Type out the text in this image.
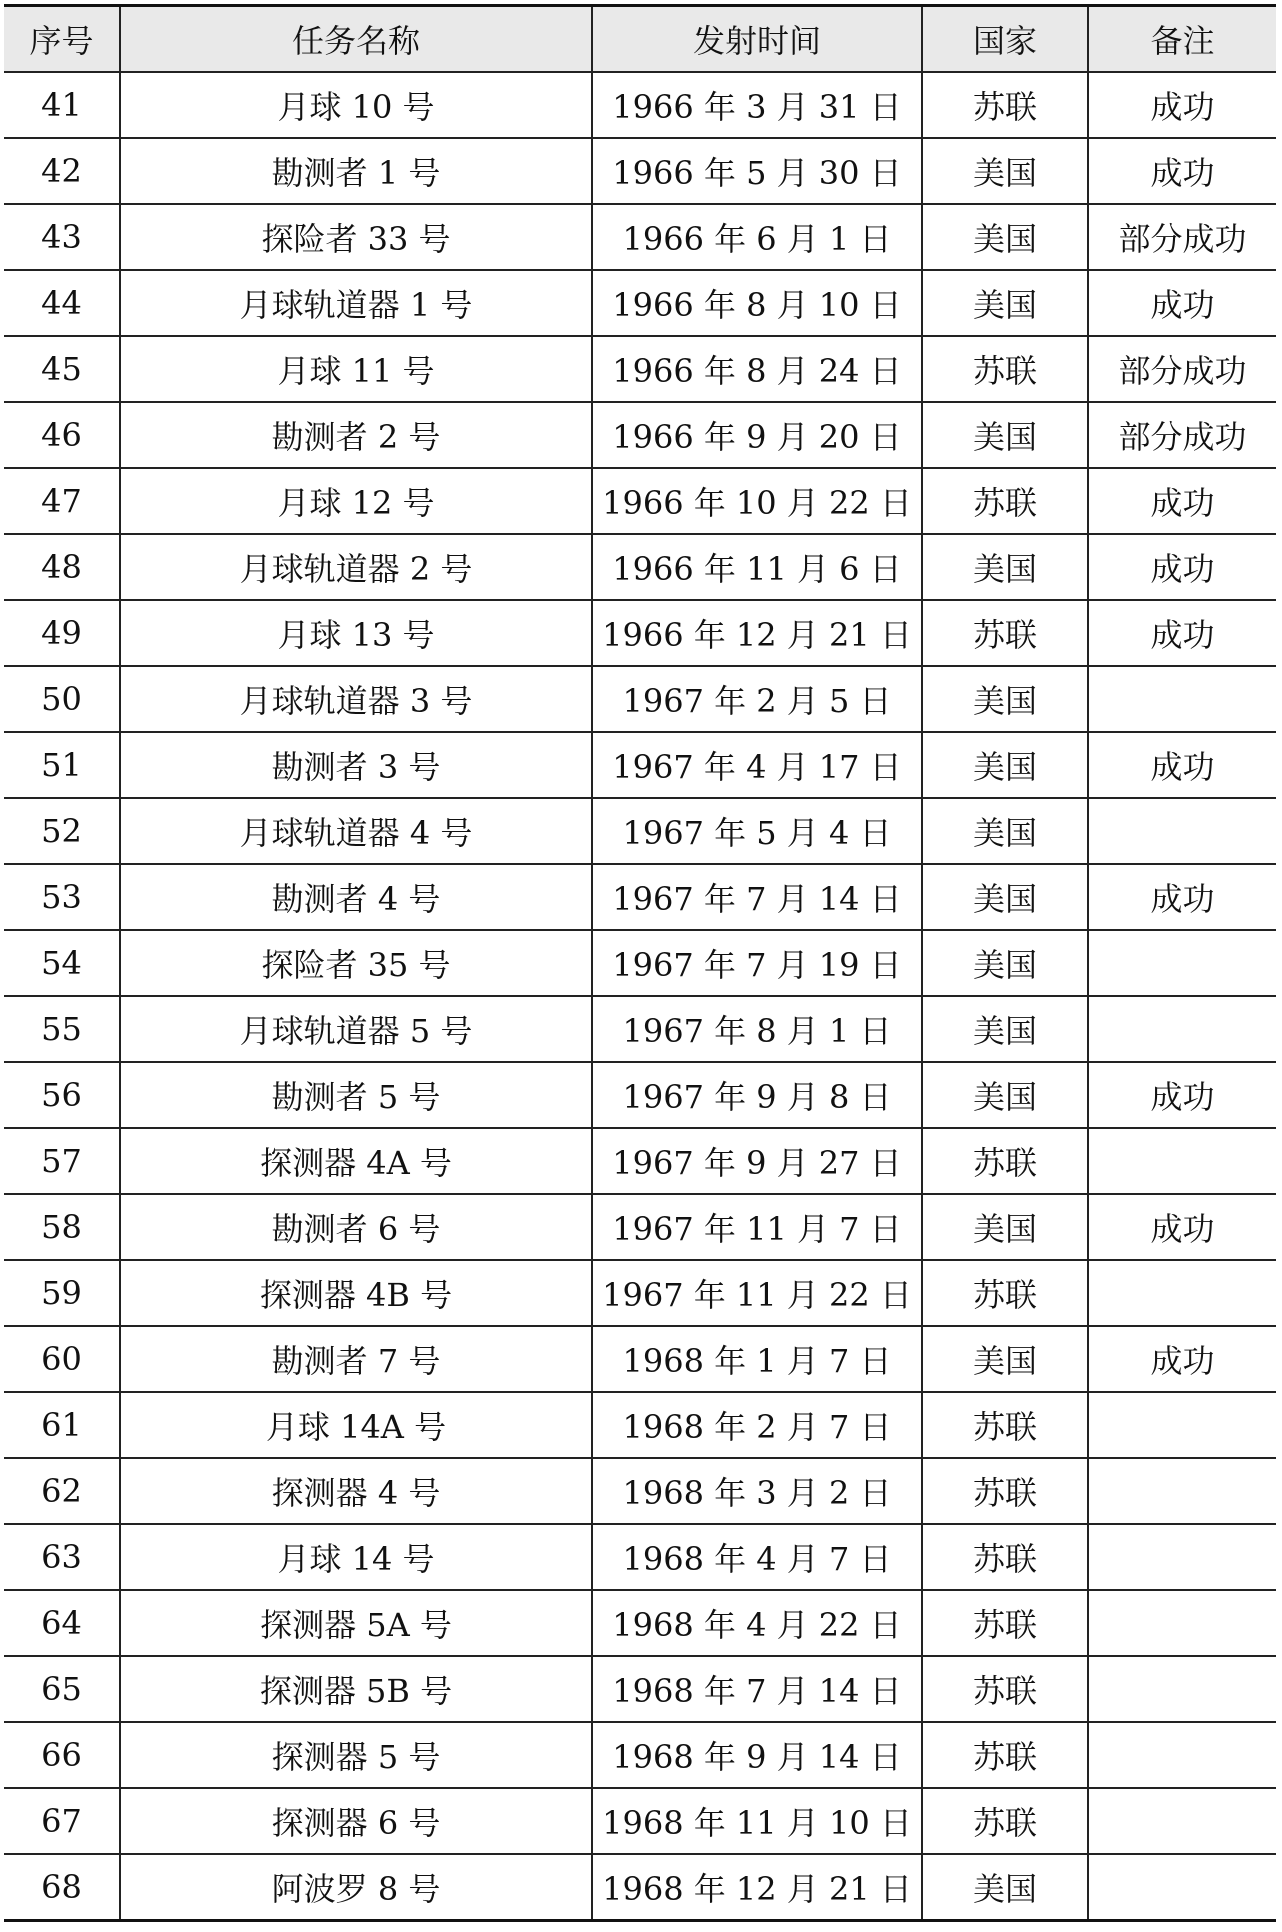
序号	任务名称	发射时间	国家	备注
41	月球 10 号	1966 年 3 月 31 日	苏联	成功
42	勘测者 1 号	1966 年 5 月 30 日	美国	成功
43	探险者 33 号	1966 年 6 月 1 日	美国	部分成功
44	月球轨道器 1 号	1966 年 8 月 10 日	美国	成功
45	月球 11 号	1966 年 8 月 24 日	苏联	部分成功
46	勘测者 2 号	1966 年 9 月 20 日	美国	部分成功
47	月球 12 号	1966 年 10 月 22 日	苏联	成功
48	月球轨道器 2 号	1966 年 11 月 6 日	美国	成功
49	月球 13 号	1966 年 12 月 21 日	苏联	成功
50	月球轨道器 3 号	1967 年 2 月 5 日	美国	
51	勘测者 3 号	1967 年 4 月 17 日	美国	成功
52	月球轨道器 4 号	1967 年 5 月 4 日	美国	
53	勘测者 4 号	1967 年 7 月 14 日	美国	成功
54	探险者 35 号	1967 年 7 月 19 日	美国	
55	月球轨道器 5 号	1967 年 8 月 1 日	美国	
56	勘测者 5 号	1967 年 9 月 8 日	美国	成功
57	探测器 4A 号	1967 年 9 月 27 日	苏联	
58	勘测者 6 号	1967 年 11 月 7 日	美国	成功
59	探测器 4B 号	1967 年 11 月 22 日	苏联	
60	勘测者 7 号	1968 年 1 月 7 日	美国	成功
61	月球 14A 号	1968 年 2 月 7 日	苏联	
62	探测器 4 号	1968 年 3 月 2 日	苏联	
63	月球 14 号	1968 年 4 月 7 日	苏联	
64	探测器 5A 号	1968 年 4 月 22 日	苏联	
65	探测器 5B 号	1968 年 7 月 14 日	苏联	
66	探测器 5 号	1968 年 9 月 14 日	苏联	
67	探测器 6 号	1968 年 11 月 10 日	苏联	
68	阿波罗 8 号	1968 年 12 月 21 日	美国	
